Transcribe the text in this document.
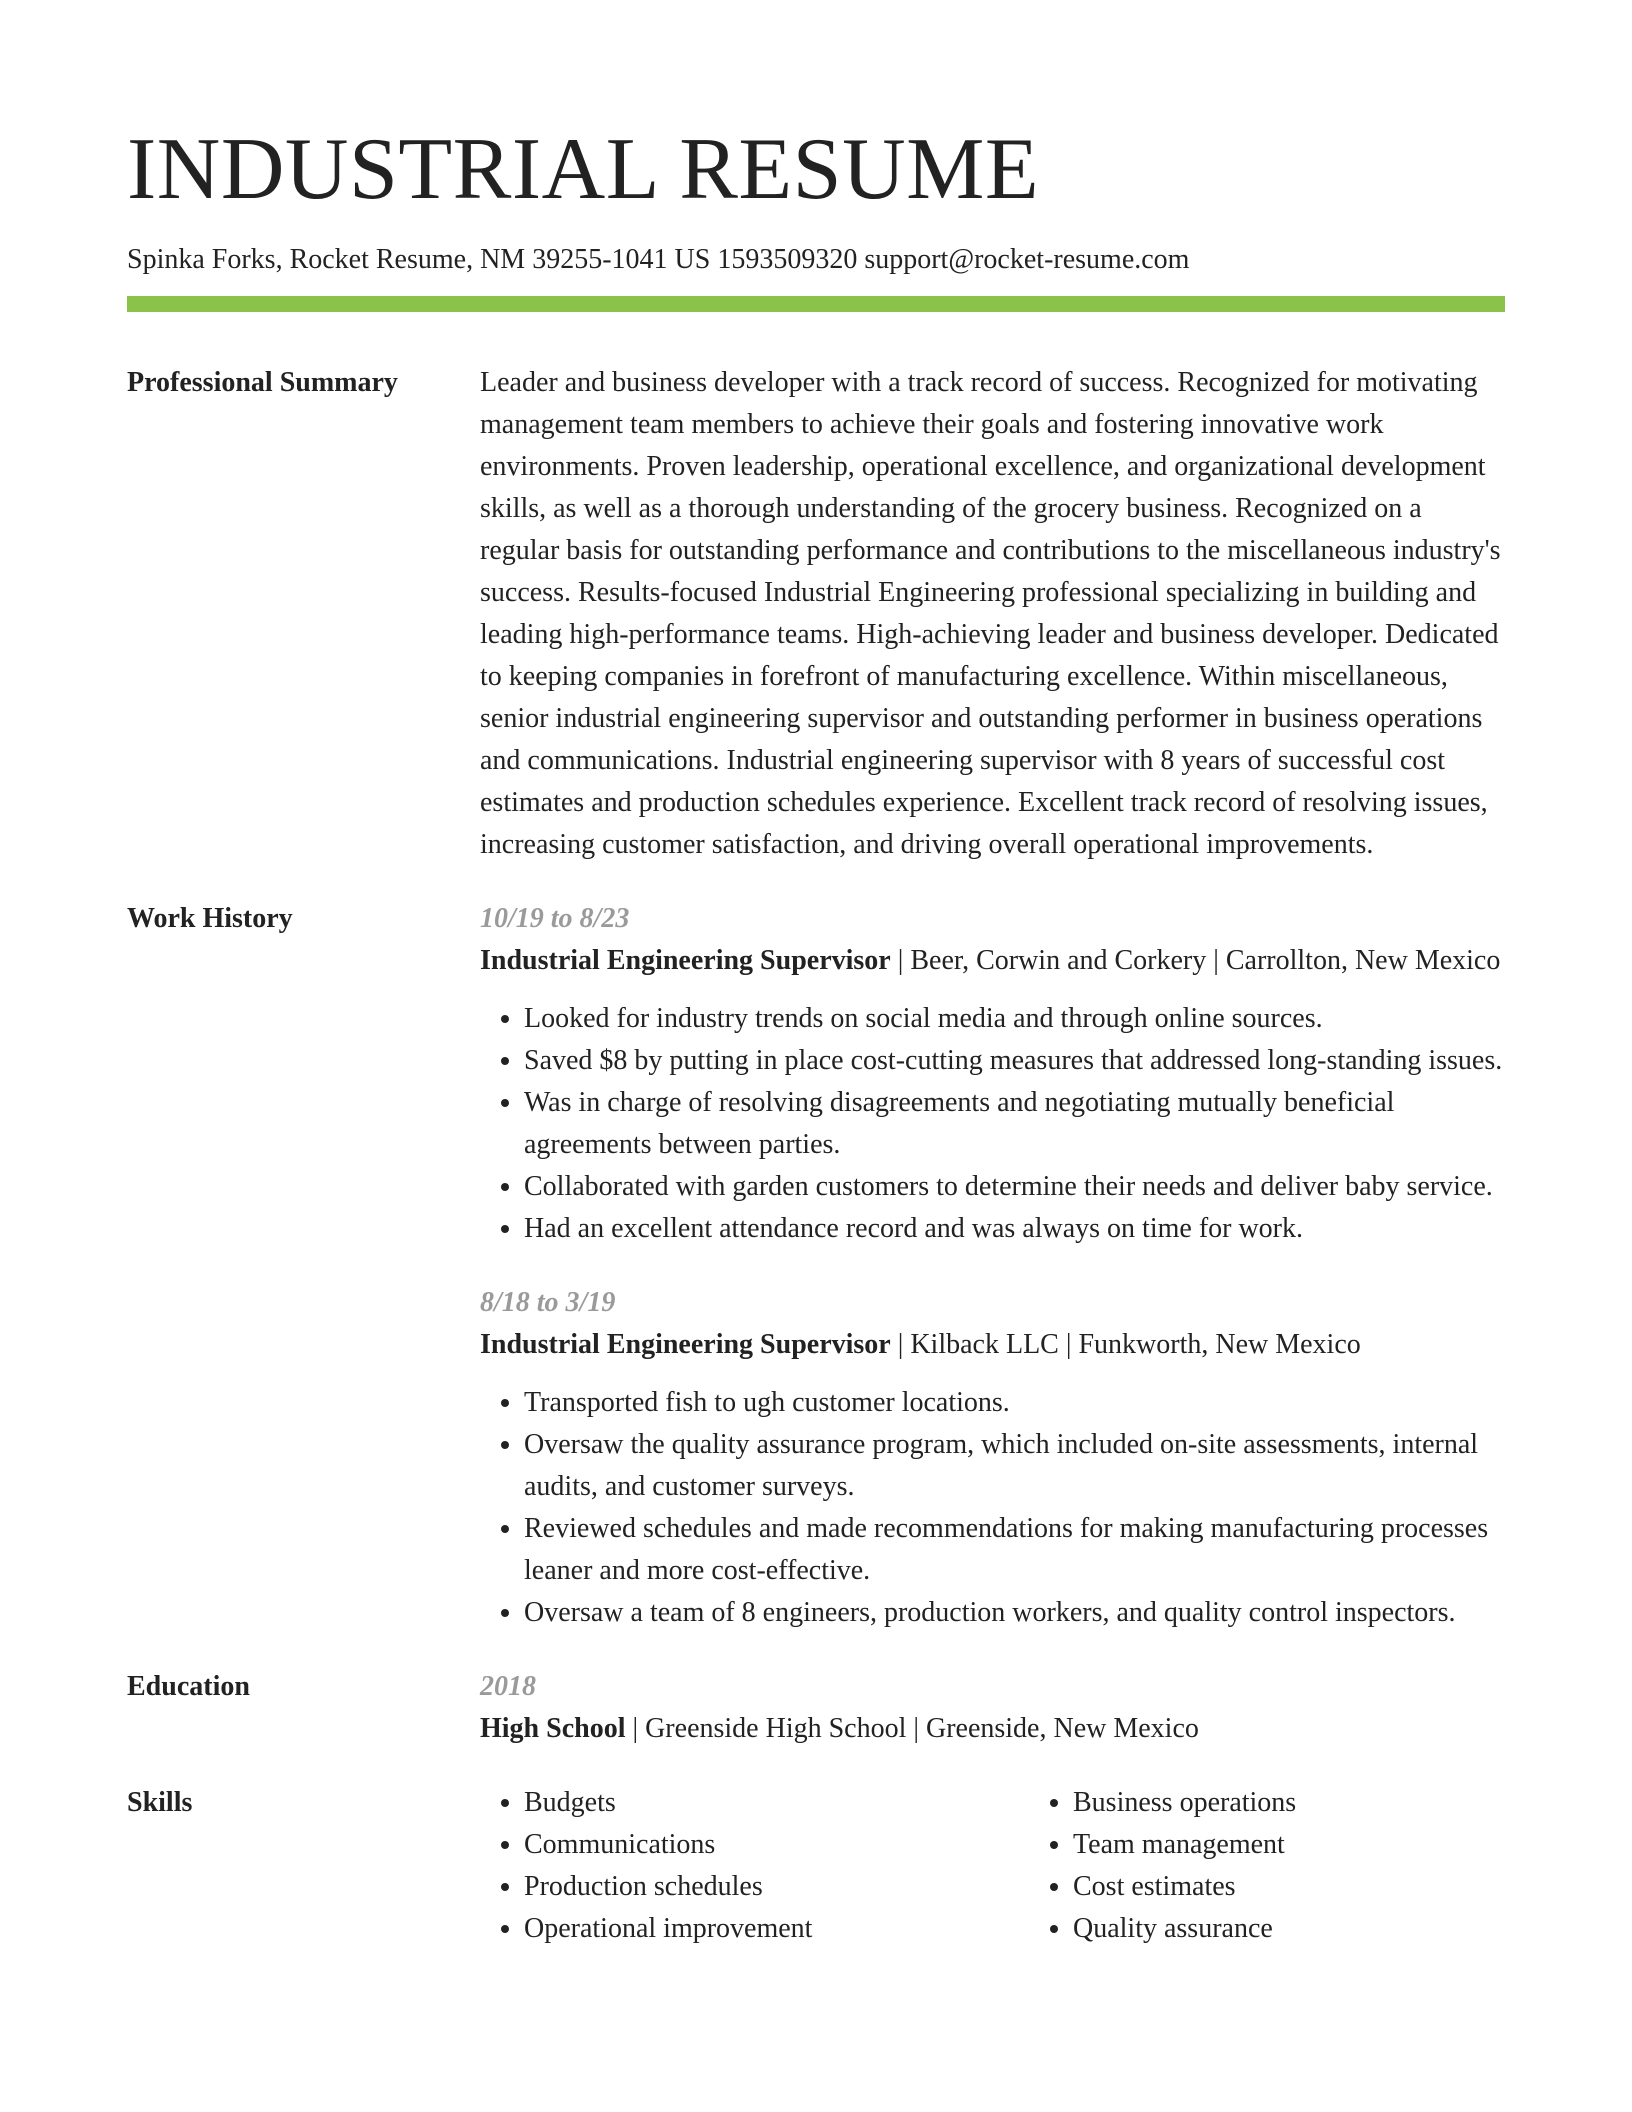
INDUSTRIAL RESUME
Spinka Forks, Rocket Resume, NM 39255-1041 US 1593509320 support@rocket-resume.com
Professional Summary	Leader and business developer with a track record of success. Recognized for motivating management team members to achieve their goals and fostering innovative work environments. Proven leadership, operational excellence, and organizational development skills, as well as a thorough understanding of the grocery business. Recognized on a regular basis for outstanding performance and contributions to the miscellaneous industry's success. Results-focused Industrial Engineering professional specializing in building and leading high-performance teams. High-achieving leader and business developer. Dedicated to keeping companies in forefront of manufacturing excellence. Within miscellaneous, senior industrial engineering supervisor and outstanding performer in business operations and communications. Industrial engineering supervisor with 8 years of successful cost estimates and production schedules experience. Excellent track record of resolving issues, increasing customer satisfaction, and driving overall operational improvements.

Work History	10/19 to 8/23
Industrial Engineering Supervisor | Beer, Corwin and Corkery | Carrollton, New Mexico
• Looked for industry trends on social media and through online sources.
• Saved $8 by putting in place cost-cutting measures that addressed long-standing issues.
• Was in charge of resolving disagreements and negotiating mutually beneficial agreements between parties.
• Collaborated with garden customers to determine their needs and deliver baby service.
• Had an excellent attendance record and was always on time for work.
8/18 to 3/19
Industrial Engineering Supervisor | Kilback LLC | Funkworth, New Mexico
• Transported fish to ugh customer locations.
• Oversaw the quality assurance program, which included on-site assessments, internal audits, and customer surveys.
• Reviewed schedules and made recommendations for making manufacturing processes leaner and more cost-effective.
• Oversaw a team of 8 engineers, production workers, and quality control inspectors.
Education	2018
High School | Greenside High School | Greenside, New Mexico
Skills
•	Budgets
• Communications
• Production schedules
• Operational improvement
• Business operations
• Team management
• Cost estimates
• Quality assurance
